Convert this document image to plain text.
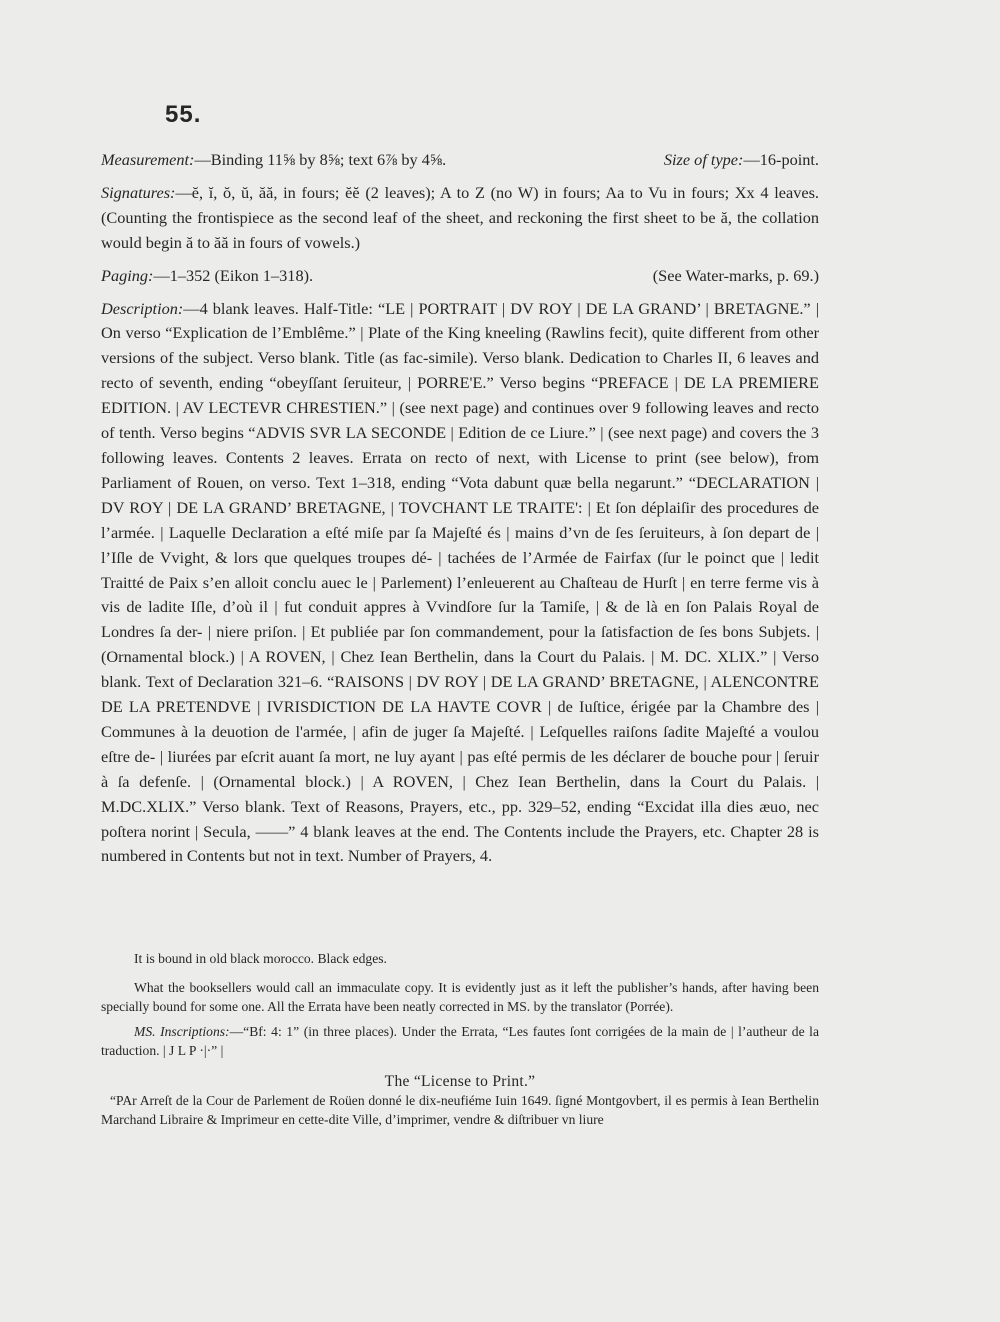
55.

Measurement:—Binding 11⅝ by 8⅝; text 6⅞ by 4⅝.	Size of type:—16-point.

Signatures:—ĕ, ĭ, ŏ, ŭ, ăă, in fours; ĕĕ (2 leaves); A to Z (no W) in fours; Aa to Vu in fours; Xx 4 leaves. (Counting the frontispiece as the second leaf of the sheet, and reckoning the first sheet to be ă, the collation would begin ă to ăă in fours of vowels.)

Paging:—1–352 (Eikon 1–318).	(See Water-marks, p. 69.)

Description:—4 blank leaves. Half-Title: “LE | PORTRAIT | DV ROY | DE LA GRAND’ | BRETAGNE.” | On verso “Explication de l’Emblême.” | Plate of the King kneeling (Rawlins fecit), quite different from other versions of the subject. Verso blank. Title (as fac-simile). Verso blank. Dedication to Charles II, 6 leaves and recto of seventh, ending “obeyſſant ſeruiteur, | PORRE'E.” Verso begins “PREFACE | DE LA PREMIERE EDITION. | AV LECTEVR CHRESTIEN.” | (see next page) and continues over 9 following leaves and recto of tenth. Verso begins “ADVIS SVR LA SECONDE | Edition de ce Liure.” | (see next page) and covers the 3 following leaves. Contents 2 leaves. Errata on recto of next, with License to print (see below), from Parliament of Rouen, on verso. Text 1–318, ending “Vota dabunt quæ bella negarunt.” “DECLARATION | DV ROY | DE LA GRAND’ BRETAGNE, | TOVCHANT LE TRAITE': | Et ſon déplaiſir des procedures de l’armée. | Laquelle Declaration a eſté miſe par ſa Majeſté és | mains d’vn de ſes ſeruiteurs, à ſon depart de | l’Iſle de Vvight, & lors que quelques troupes dé- | tachées de l’Armée de Fairfax (ſur le poinct que | ledit Traitté de Paix s’en alloit conclu auec le | Parlement) l’enleuerent au Chaſteau de Hurſt | en terre ferme vis à vis de ladite Iſle, d’où il | fut conduit appres à Vvindſore ſur la Tamiſe, | & de là en ſon Palais Royal de Londres ſa der- | niere priſon. | Et publiée par ſon commandement, pour la ſatisfaction de ſes bons Subjets. | (Ornamental block.) | A ROVEN, | Chez Iean Berthelin, dans la Court du Palais. | M. DC. XLIX.” | Verso blank. Text of Declaration 321–6. “RAISONS | DV ROY | DE LA GRAND’ BRETAGNE, | ALENCONTRE DE LA PRETENDVE | IVRISDICTION DE LA HAVTE COVR | de Iuſtice, érigée par la Chambre des | Communes à la deuotion de l'armée, | afin de juger ſa Majeſté. | Leſquelles raiſons ſadite Majeſté a voulou eſtre de- | liurées par eſcrit auant ſa mort, ne luy ayant | pas eſté permis de les déclarer de bouche pour | ſeruir à ſa defenſe. | (Ornamental block.) | A ROVEN, | Chez Iean Berthelin, dans la Court du Palais. | M.DC.XLIX.” Verso blank. Text of Reasons, Prayers, etc., pp. 329–52, ending “Excidat illa dies æuo, nec poſtera norint | Secula, ——” 4 blank leaves at the end. The Contents include the Prayers, etc. Chapter 28 is numbered in Contents but not in text. Number of Prayers, 4.

It is bound in old black morocco. Black edges.

What the booksellers would call an immaculate copy. It is evidently just as it left the publisher’s hands, after having been specially bound for some one. All the Errata have been neatly corrected in MS. by the translator (Porrée).

MS. Inscriptions:—“Bf: 4: 1” (in three places). Under the Errata, “Les fautes ſont corrigées de la main de | l’autheur de la traduction. | J L P ·|·” |

The “License to Print.”

“PAr Arreſt de la Cour de Parlement de Roüen donné le dix-neufiéme Iuin 1649. ſigné Montgovbert, il es permis à Iean Berthelin Marchand Libraire & Imprimeur en cette-dite Ville, d’imprimer, vendre & diſtribuer vn liure
